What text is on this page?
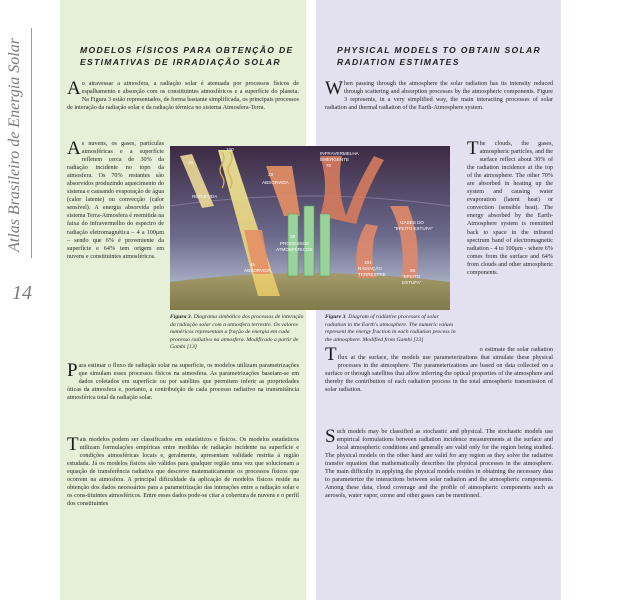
Atlas Brasileiro de Energia Solar
14
MODELOS FÍSICOS PARA OBTENÇÃO DE ESTIMATIVAS DE IRRADIAÇÃO SOLAR
PHYSICAL MODELS TO OBTAIN SOLAR RADIATION ESTIMATES
Ao atravessar a atmosfera, a radiação solar é atenuada por processos físicos de espalhamento e absorção com os constituintes atmosféricos e a superfície do planeta. Na Figura 3 estão representados, de forma bastante simplificada, os principais processos de interação da radiação solar e da radiação térmica no sistema Atmosfera-Terra.
As nuvens, os gases, partículas atmosféricas e a superfície refletem cerca de 30% da radiação incidente no topo da atmosfera. Os 70% restantes são absorvidos produzindo aquecimento do sistema e causando evaporação de água (calor latente) ou convecção (calor sensível). A energia absorvida pelo sistema Terra-Atmosfera é reemitida na faixa do infravermelho do espectro de radiação eletromagnética – 4 a 100μm – sendo que 6% é proveniente da superfície e 64% tem origem em nuvens e constituintes atmosféricos.
Para estimar o fluxo de radiação solar na superfície, os modelos utilizam parametrizações que simulam esses processos físicos na atmosfera. As parametrizações baseiam-se em dados coletados em superfície ou por satélites que permitem inferir as propriedades óticas da atmosfera e, portanto, a contribuição de cada processo radiativo na transmitância atmosférica total da radiação solar.
Tais modelos podem ser classificados em estatísticos e físicos. Os modelos estatísticos utilizam formulações empíricas entre medidas de radiação incidente na superfície e condições atmosféricas locais e, geralmente, apresentam validade restrita à região estudada. Já os modelos físicos são válidos para qualquer região uma vez que solucionam a equação de transferência radiativa que descreve matematicamente os processos físicos que ocorrem na atmosfera. A principal dificuldade da aplicação de modelos físicos reside na obtenção dos dados necessários para a parametrização das interações entre a radiação solar e os cons-tituintes atmosféricos. Entre esses dados pode-se citar a cobertura de nuvens e o perfil dos constituintes
When passing through the atmosphere the solar radiation has its intensity reduced through scattering and absorption processes by the atmospheric components. Figure 3 represents, in a very simplified way, the main interacting processes of solar radiation and thermal radiation of the Earth-Atmosphere system.
The clouds, the gases, atmospheric particles, and the surface reflect about 30% of the radiation incidence at the top of the atmosphere. The other 70% are absorbed in heating up the system and causing water evaporation (latent heat) or convection (sensible heat). The energy absorbed by the Earth-Atmosphere system is reemitted back to space in the infrared spectrum band of electromagnetic radiation - 4 to 100μm - where 6% comes from the surface and 64% from clouds and other atmospheric components.
T	o estimate the solar radiation flux at the surface, the models use parameterizations that simulate these physical processes in the atmosphere. The parameterizations are based on data collected on a surface or through satellites that allow inferring the optical properties of the atmosphere and thereby the contribution of each radiation process in the total atmospheric transmission of solar radiation.
Such models may be classified as stochastic and physical. The stochastic models use empirical formulations between radiation incidence measurements at the surface and local atmospheric conditions and generally are valid only for the region being studied. The physical models on the other hand are valid for any region as they solve the radiative transfer equation that mathematically describes the physical processes in the atmosphere. The main difficulty in applying the physical models resides in obtaining the necessary data to parameterize the interactions between solar radiation and the atmospheric components. Among these data, cloud coverage and the profile of atmospheric components such as aerosols, water vapor, ozone and other gases can be mentioned.
100
25
REFLETIDA
23
ABSORVIDA
INFRAVERMELHA
EMERGENTE
70
29
PROCESSOS
ATMOSFÉRICOS
45
ABSORVIDA
GASES DO
"EFEITO ESTUFA"
104
RADIAÇÃO
TERRESTRE
88
"EFEITO
ESTUFA"
Figura 3. Diagrama simbólico dos processos de interação da radiação solar com a atmosfera terrestre. Os valores numéricos representam a fração de energia em cada processo radiativo na atmosfera. Modificado a partir de Gambi [13]
Figure 3. Diagram of radiative processes of solar radiation in the Earth's atmosphere. The numeric values represent the energy fraction in each radiation process in the atmosphere. Modified from Gambi [13]
